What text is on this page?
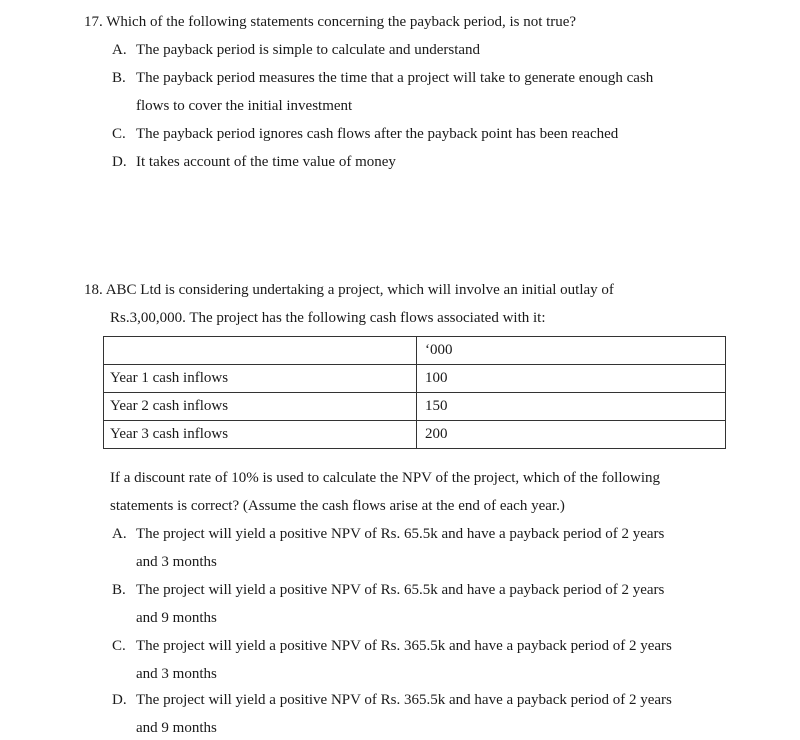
17. Which of the following statements concerning the payback period, is not true?
A. The payback period is simple to calculate and understand
B. The payback period measures the time that a project will take to generate enough cash
flows to cover the initial investment
C. The payback period ignores cash flows after the payback point has been reached
D. It takes account of the time value of money
18. ABC Ltd is considering undertaking a project, which will involve an initial outlay of
Rs.3,00,000. The project has the following cash flows associated with it:
	‘000
Year 1 cash inflows	100
Year 2 cash inflows	150
Year 3 cash inflows	200
If a discount rate of 10% is used to calculate the NPV of the project, which of the following
statements is correct? (Assume the cash flows arise at the end of each year.)
A. The project will yield a positive NPV of Rs. 65.5k and have a payback period of 2 years
and 3 months
B. The project will yield a positive NPV of Rs. 65.5k and have a payback period of 2 years
and 9 months
C. The project will yield a positive NPV of Rs. 365.5k and have a payback period of 2 years
and 3 months
D. The project will yield a positive NPV of Rs. 365.5k and have a payback period of 2 years
and 9 months
